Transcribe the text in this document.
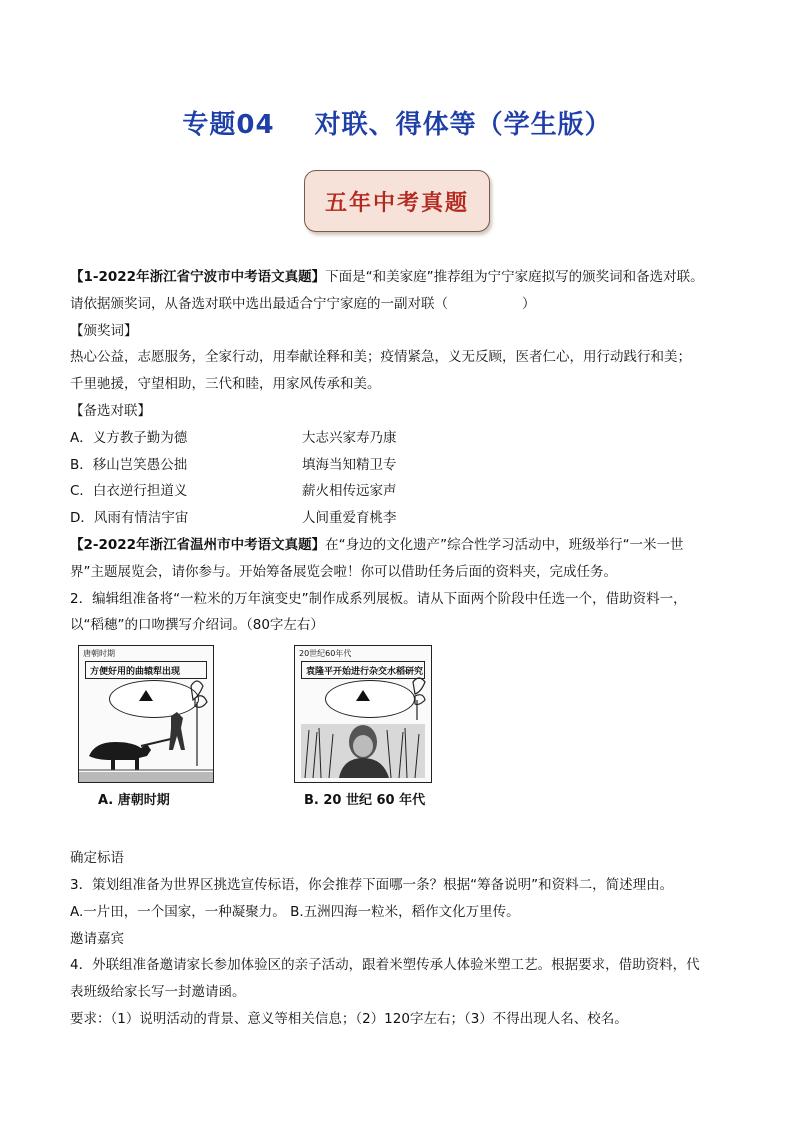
专题04 对联、得体等（学生版）
五年中考真题
【1-2022年浙江省宁波市中考语文真题】下面是“和美家庭”推荐组为宁宁家庭拟写的颁奖词和备选对联。
请依据颁奖词，从备选对联中选出最适合宁宁家庭的一副对联（	）
【颁奖词】
热心公益，志愿服务，全家行动，用奉献诠释和美；疫情紧急，义无反顾，医者仁心，用行动践行和美；
千里驰援，守望相助，三代和睦，用家风传承和美。
【备选对联】
A．义方教子勤为德	大志兴家寿乃康
B．移山岂笑愚公拙	填海当知精卫专
C．白衣逆行担道义	薪火相传远家声
D．风雨有情洁宇宙	人间重爱育桃李
【2-2022年浙江省温州市中考语文真题】在“身边的文化遗产”综合性学习活动中，班级举行“一米一世
界”主题展览会，请你参与。开始筹备展览会啦！你可以借助任务后面的资料夹，完成任务。
2．编辑组准备将“一粒米的万年演变史”制作成系列展板。请从下面两个阶段中任选一个，借助资料一，
以“稻穗”的口吻撰写介绍词。（80字左右）
唐朝时期
方便好用的曲辕犁出现
A. 唐朝时期
20世纪60年代
袁隆平开始进行杂交水稻研究
B. 20 世纪 60 年代
确定标语
3．策划组准备为世界区挑选宣传标语，你会推荐下面哪一条？根据“筹备说明”和资料二，简述理由。
A.一片田，一个国家，一种凝聚力。 B.五洲四海一粒米，稻作文化万里传。
邀请嘉宾
4．外联组准备邀请家长参加体验区的亲子活动，跟着米塑传承人体验米塑工艺。根据要求，借助资料，代
表班级给家长写一封邀请函。
要求：（1）说明活动的背景、意义等相关信息；（2）120字左右；（3）不得出现人名、校名。
